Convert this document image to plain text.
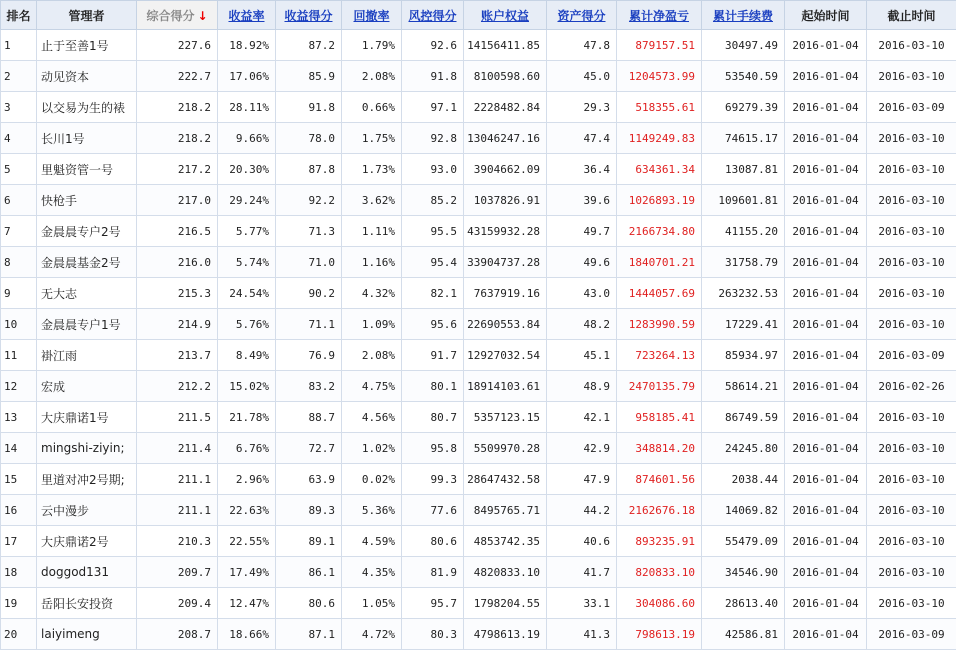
排名	管理者	综合得分 ↓	收益率	收益得分	回撤率	风控得分	账户权益	资产得分	累计净盈亏	累计手续费	起始时间	截止时间
1	止于至善1号	227.6	18.92%	87.2	1.79%	92.6	14156411.85	47.8	879157.51	30497.49	2016-01-04	2016-03-10
2	动见资本	222.7	17.06%	85.9	2.08%	91.8	8100598.60	45.0	1204573.99	53540.59	2016-01-04	2016-03-10
3	以交易为生的裱	218.2	28.11%	91.8	0.66%	97.1	2228482.84	29.3	518355.61	69279.39	2016-01-04	2016-03-09
4	长川1号	218.2	9.66%	78.0	1.75%	92.8	13046247.16	47.4	1149249.83	74615.17	2016-01-04	2016-03-10
5	里魁资管一号	217.2	20.30%	87.8	1.73%	93.0	3904662.09	36.4	634361.34	13087.81	2016-01-04	2016-03-10
6	快枪手	217.0	29.24%	92.2	3.62%	85.2	1037826.91	39.6	1026893.19	109601.81	2016-01-04	2016-03-10
7	金晨晨专户2号	216.5	5.77%	71.3	1.11%	95.5	43159932.28	49.7	2166734.80	41155.20	2016-01-04	2016-03-10
8	金晨晨基金2号	216.0	5.74%	71.0	1.16%	95.4	33904737.28	49.6	1840701.21	31758.79	2016-01-04	2016-03-10
9	无大志	215.3	24.54%	90.2	4.32%	82.1	7637919.16	43.0	1444057.69	263232.53	2016-01-04	2016-03-10
10	金晨晨专户1号	214.9	5.76%	71.1	1.09%	95.6	22690553.84	48.2	1283990.59	17229.41	2016-01-04	2016-03-10
11	褂江雨	213.7	8.49%	76.9	2.08%	91.7	12927032.54	45.1	723264.13	85934.97	2016-01-04	2016-03-09
12	宏成	212.2	15.02%	83.2	4.75%	80.1	18914103.61	48.9	2470135.79	58614.21	2016-01-04	2016-02-26
13	大庆鼎诺1号	211.5	21.78%	88.7	4.56%	80.7	5357123.15	42.1	958185.41	86749.59	2016-01-04	2016-03-10
14	mingshi-ziyin;	211.4	6.76%	72.7	1.02%	95.8	5509970.28	42.9	348814.20	24245.80	2016-01-04	2016-03-10
15	里道对冲2号期;	211.1	2.96%	63.9	0.02%	99.3	28647432.58	47.9	874601.56	2038.44	2016-01-04	2016-03-10
16	云中漫步	211.1	22.63%	89.3	5.36%	77.6	8495765.71	44.2	2162676.18	14069.82	2016-01-04	2016-03-10
17	大庆鼎诺2号	210.3	22.55%	89.1	4.59%	80.6	4853742.35	40.6	893235.91	55479.09	2016-01-04	2016-03-10
18	doggod131	209.7	17.49%	86.1	4.35%	81.9	4820833.10	41.7	820833.10	34546.90	2016-01-04	2016-03-10
19	岳阳长安投资	209.4	12.47%	80.6	1.05%	95.7	1798204.55	33.1	304086.60	28613.40	2016-01-04	2016-03-10
20	laiyimeng	208.7	18.66%	87.1	4.72%	80.3	4798613.19	41.3	798613.19	42586.81	2016-01-04	2016-03-09
